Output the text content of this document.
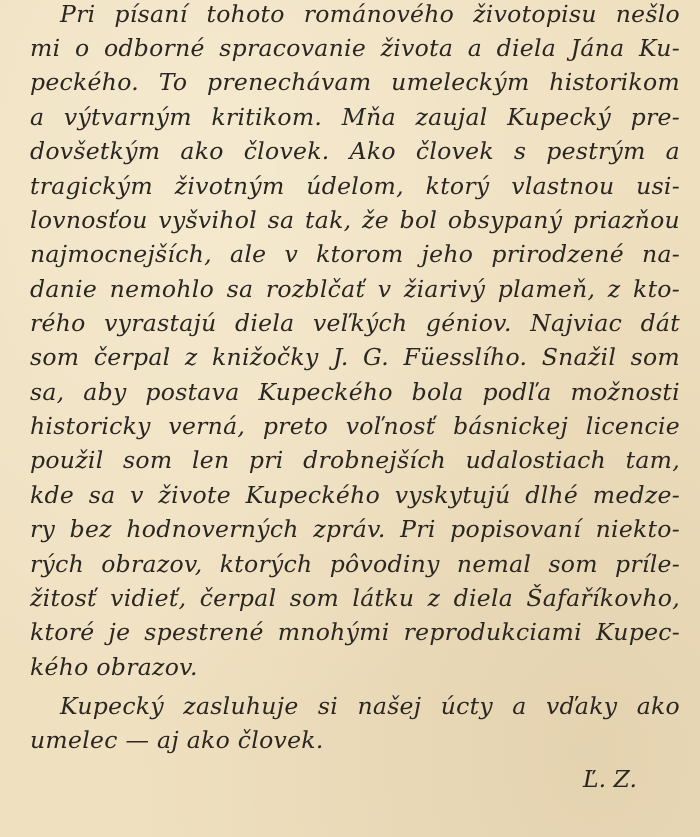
Pri písaní tohoto románového životopisu nešlo
mi o odborné spracovanie života a diela Jána Ku-
peckého. To prenechávam umeleckým historikom
a výtvarným kritikom. Mňa zaujal Kupecký pre-
dovšetkým ako človek. Ako človek s pestrým a
tragickým životným údelom, ktorý vlastnou usi-
lovnosťou vyšvihol sa tak, že bol obsypaný priazňou
najmocnejších, ale v ktorom jeho prirodzené na-
danie nemohlo sa rozblčať v žiarivý plameň, z kto-
rého vyrastajú diela veľkých géniov. Najviac dát
som čerpal z knižočky J. G. Füesslího. Snažil som
sa, aby postava Kupeckého bola podľa možnosti
historicky verná, preto voľnosť básnickej licencie
použil som len pri drobnejších udalostiach tam,
kde sa v živote Kupeckého vyskytujú dlhé medze-
ry bez hodnoverných zpráv. Pri popisovaní niekto-
rých obrazov, ktorých pôvodiny nemal som príle-
žitosť vidieť, čerpal som látku z diela Šafaříkovho,
ktoré je spestrené mnohými reprodukciami Kupec-
kého obrazov.
Kupecký zasluhuje si našej úcty a vďaky ako
umelec — aj ako človek.
Ľ. Z.
